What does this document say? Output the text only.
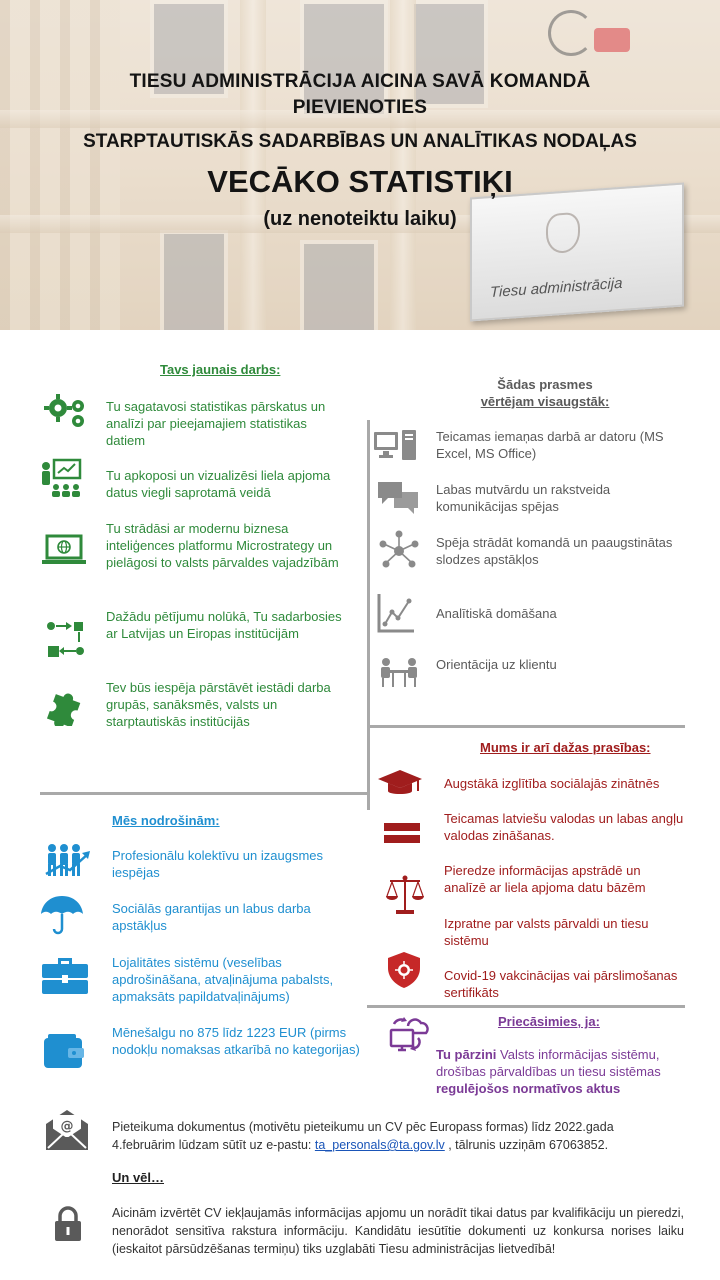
Tiesu administrācija
TIESU ADMINISTRĀCIJA AICINA SAVĀ KOMANDĀ
PIEVIENOTIES
STARPTAUTISKĀS SADARBĪBAS UN ANALĪTIKAS NODAĻAS
VECĀKO STATISTIĶI
(uz nenoteiktu laiku)
Tavs jaunais darbs:
Tu sagatavosi statistikas pārskatus un analīzi par pieejamajiem statistikas datiem
Tu apkoposi un vizualizēsi liela apjoma datus viegli saprotamā veidā
Tu strādāsi ar modernu biznesa inteliģences platformu Microstrategy un pielāgosi to valsts pārvaldes vajadzībām
Dažādu pētījumu nolūkā, Tu sadarbosies ar Latvijas un Eiropas institūcijām
Tev būs iespēja pārstāvēt iestādi darba grupās, sanāksmēs, valsts un starptautiskās institūcijās
Šādas prasmes
vērtējam visaugstāk:
Teicamas iemaņas darbā ar datoru (MS Excel, MS Office)
Labas mutvārdu un rakstveida komunikācijas spējas
Spēja strādāt komandā un paaugstinātas slodzes apstākļos
Analītiskā domāšana
Orientācija uz klientu
Mums ir arī dažas prasības:
Augstākā izglītība sociālajās zinātnēs
Teicamas latviešu valodas un labas angļu valodas zināšanas.
Pieredze informācijas apstrādē un analīzē ar liela apjoma datu bāzēm
Izpratne par valsts pārvaldi un tiesu sistēmu
Covid-19 vakcinācijas vai pārslimošanas sertifikāts
Priecāsimies, ja:
Tu pārzini Valsts informācijas sistēmu, drošības pārvaldības un tiesu sistēmas regulējošos normatīvos aktus
Mēs nodrošinām:
Profesionālu kolektīvu un izaugsmes iespējas
Sociālās garantijas un labus darba apstākļus
Lojalitātes sistēmu (veselības apdrošināšana, atvaļinājuma pabalsts, apmaksāts papildatvaļinājums)
Mēnešalgu no 875 līdz 1223 EUR (pirms nodokļu nomaksas atkarībā no kategorijas)
@	Pieteikuma dokumentus (motivētu pieteikumu un CV pēc Europass formas) līdz 2022.gada 4.februārim lūdzam sūtīt uz e-pastu: ta_personals@ta.gov.lv , tālrunis uzziņām 67063852.
Un vēl…
Aicinām izvērtēt CV iekļaujamās informācijas apjomu un norādīt tikai datus par kvalifikāciju un pieredzi, nenorādot sensitīva rakstura informāciju. Kandidātu iesūtītie dokumenti uz konkursa norises laiku (ieskaitot pārsūdzēšanas termiņu) tiks uzglabāti Tiesu administrācijas lietvedībā!
